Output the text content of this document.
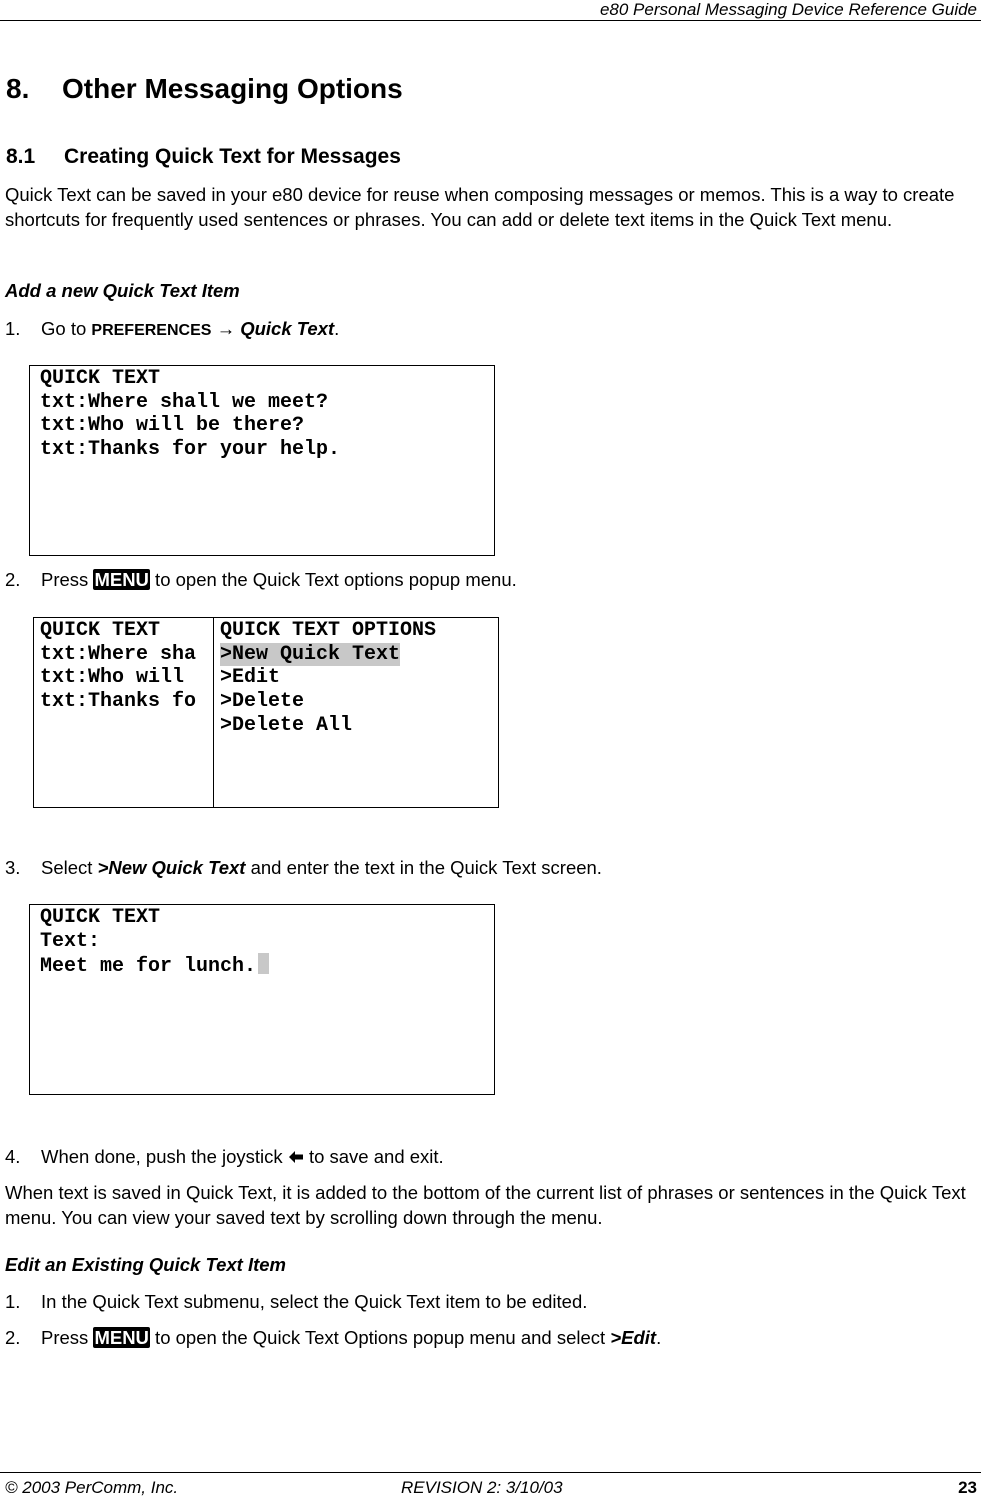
e80 Personal Messaging Device Reference Guide
8. Other Messaging Options
8.1 Creating Quick Text for Messages
Quick Text can be saved in your e80 device for reuse when composing messages or memos. This is a way to create shortcuts for frequently used sentences or phrases. You can add or delete text items in the Quick Text menu.
Add a new Quick Text Item
1. Go to PREFERENCES → Quick Text.
QUICK TEXT
txt:Where shall we meet?
txt:Who will be there?
txt:Thanks for your help.
2. Press MENU to open the Quick Text options popup menu.
QUICK TEXT
txt:Where sha
txt:Who will
txt:Thanks fo
QUICK TEXT OPTIONS
>New Quick Text
>Edit
>Delete
>Delete All
3. Select >New Quick Text and enter the text in the Quick Text screen.
QUICK TEXT
Text:
Meet me for lunch.
4. When done, push the joystick  to save and exit.
When text is saved in Quick Text, it is added to the bottom of the current list of phrases or sentences in the Quick Text menu. You can view your saved text by scrolling down through the menu.
Edit an Existing Quick Text Item
1. In the Quick Text submenu, select the Quick Text item to be edited.
2. Press MENU to open the Quick Text Options popup menu and select >Edit.
© 2003 PerComm, Inc.	REVISION 2: 3/10/03	23
